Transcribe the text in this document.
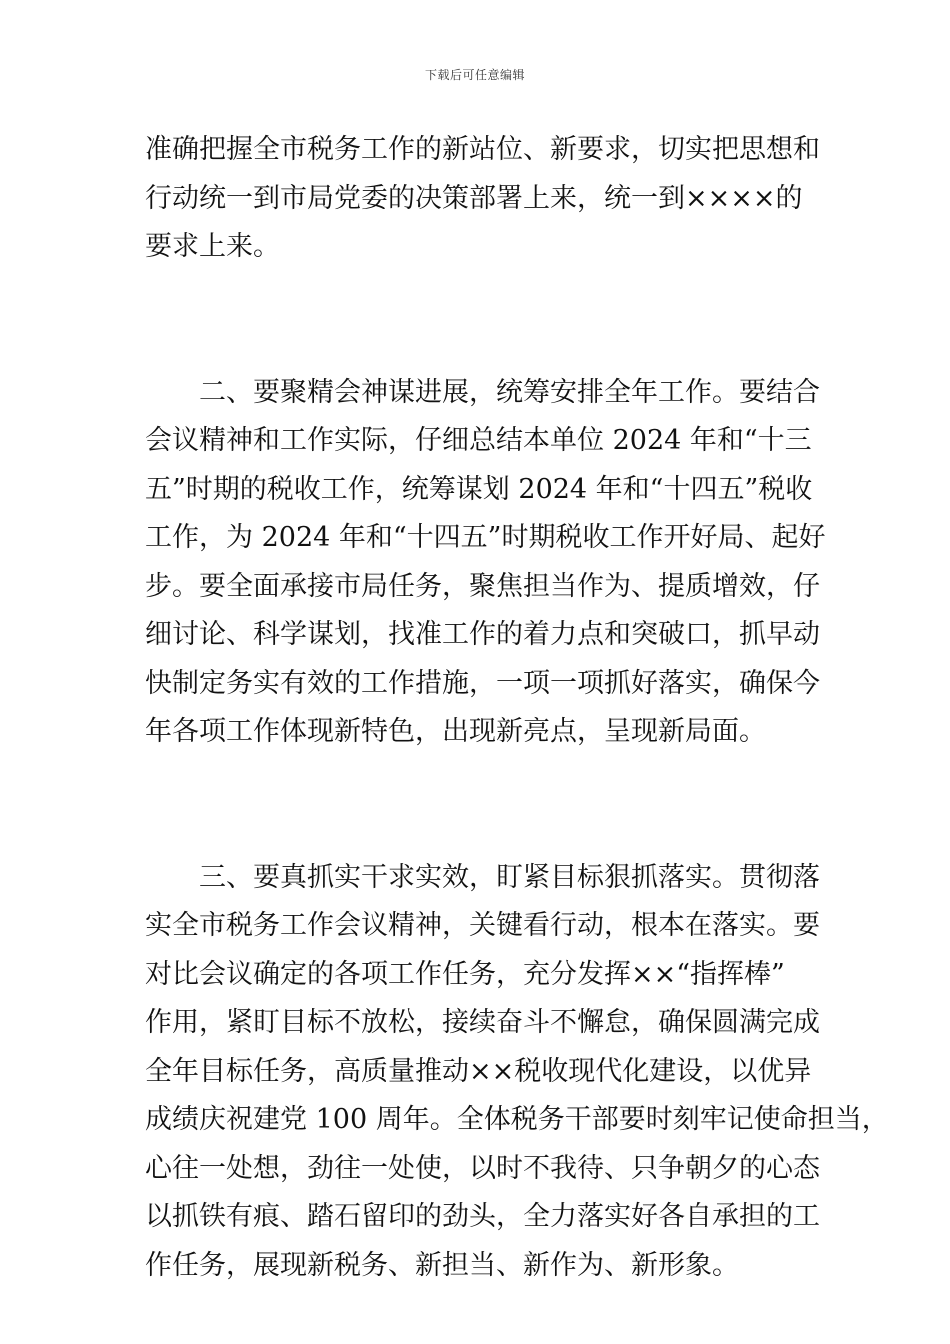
下载后可任意编辑

准确把握全市税务工作的新站位、新要求，切实把思想和

行动统一到市局党委的决策部署上来，统一到××××的

要求上来。

二、要聚精会神谋进展，统筹安排全年工作。要结合

会议精神和工作实际，仔细总结本单位 2024 年和“十三

五”时期的税收工作，统筹谋划 2024 年和“十四五”税收

工作，为 2024 年和“十四五”时期税收工作开好局、起好

步。要全面承接市局任务，聚焦担当作为、提质增效，仔

细讨论、科学谋划，找准工作的着力点和突破口，抓早动

快制定务实有效的工作措施，一项一项抓好落实，确保今

年各项工作体现新特色，出现新亮点，呈现新局面。

三、要真抓实干求实效，盯紧目标狠抓落实。贯彻落

实全市税务工作会议精神，关键看行动，根本在落实。要

对比会议确定的各项工作任务，充分发挥××“指挥棒”

作用，紧盯目标不放松，接续奋斗不懈怠，确保圆满完成

全年目标任务，高质量推动××税收现代化建设，以优异

成绩庆祝建党 100 周年。全体税务干部要时刻牢记使命担当，

心往一处想，劲往一处使，以时不我待、只争朝夕的心态

以抓铁有痕、踏石留印的劲头，全力落实好各自承担的工

作任务，展现新税务、新担当、新作为、新形象。
